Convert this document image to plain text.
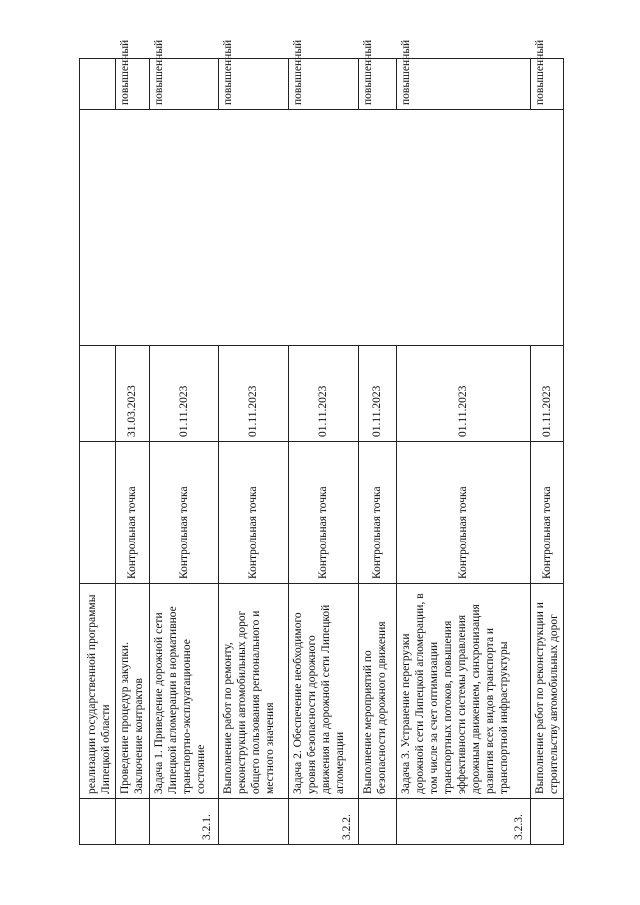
	реализации государственной программы Липецкой области				
	Проведение процедур закупки. Заключение контрактов	Контрольная точка	31.03.2023		повышенный
3.2.1.	Задача 1. Приведение дорожной сети Липецкой агломерации в нормативное транспортно-эксплуатационное состояние	Контрольная точка	01.11.2023		повышенный
	Выполнение работ по ремонту, реконструкции автомобильных дорог общего пользования регионального и местного значения	Контрольная точка	01.11.2023		повышенный
3.2.2.	Задача 2. Обеспечение необходимого уровня безопасности дорожного движения на дорожной сети Липецкой агломерации	Контрольная точка	01.11.2023		повышенный
	Выполнение мероприятий по безопасности дорожного движения	Контрольная точка	01.11.2023		повышенный
3.2.3.	Задача 3. Устранение перегрузки дорожной сети Липецкой агломерации, в том числе за счет оптимизации транспортных потоков, повышения эффективности системы управления дорожным движением, синхронизация развития всех видов транспорта и транспортной инфраструктуры	Контрольная точка	01.11.2023		повышенный
	Выполнение работ по реконструкции и строительству автомобильных дорог	Контрольная точка	01.11.2023		повышенный
